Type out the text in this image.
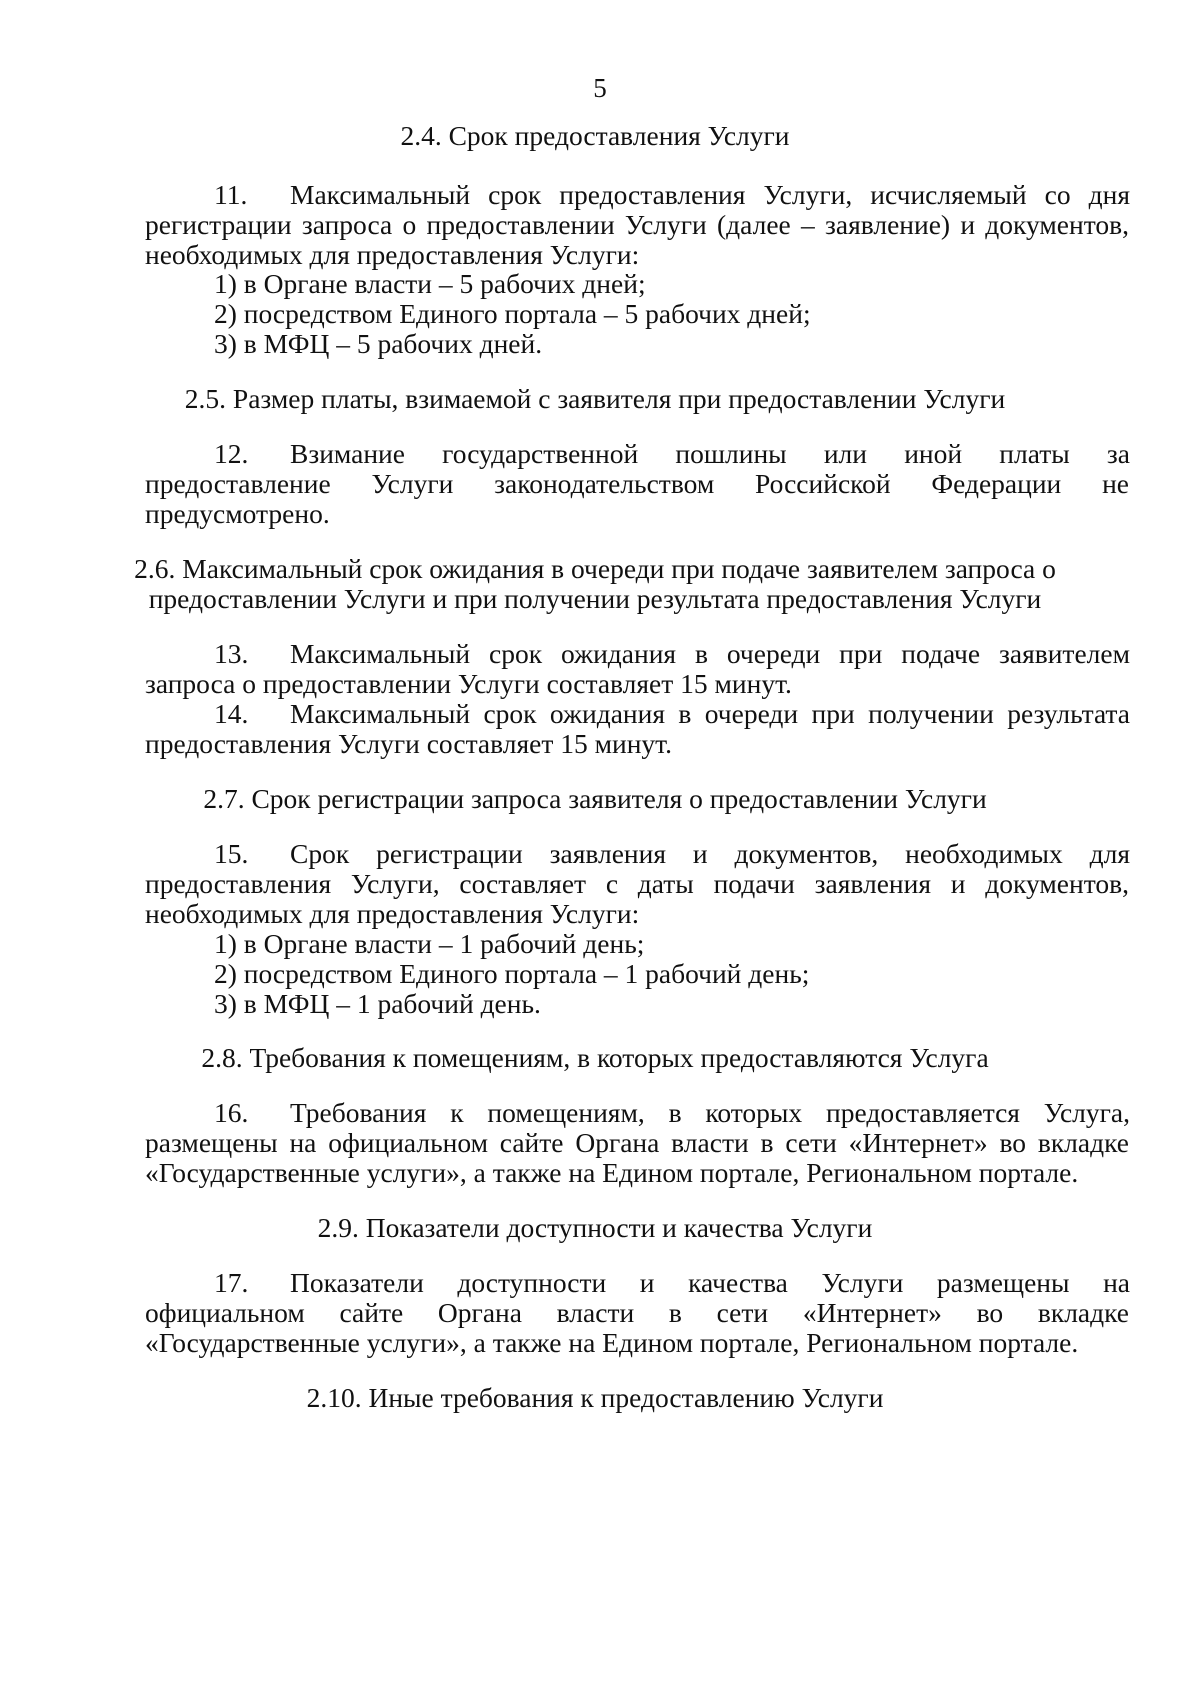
5
2.4. Срок предоставления Услуги
11. Максимальный срок предоставления Услуги, исчисляемый со дня
регистрации запроса о предоставлении Услуги (далее – заявление) и документов,
необходимых для предоставления Услуги:
1) в Органе власти – 5 рабочих дней;
2) посредством Единого портала – 5 рабочих дней;
3) в МФЦ – 5 рабочих дней.
2.5. Размер платы, взимаемой с заявителя при предоставлении Услуги
12. Взимание государственной пошлины или иной платы за
предоставление Услуги законодательством Российской Федерации не
предусмотрено.
2.6. Максимальный срок ожидания в очереди при подаче заявителем запроса о
предоставлении Услуги и при получении результата предоставления Услуги
13. Максимальный срок ожидания в очереди при подаче заявителем
запроса о предоставлении Услуги составляет 15 минут.
14. Максимальный срок ожидания в очереди при получении результата
предоставления Услуги составляет 15 минут.
2.7. Срок регистрации запроса заявителя о предоставлении Услуги
15. Срок регистрации заявления и документов, необходимых для
предоставления Услуги, составляет с даты подачи заявления и документов,
необходимых для предоставления Услуги:
1) в Органе власти – 1 рабочий день;
2) посредством Единого портала – 1 рабочий день;
3) в МФЦ – 1 рабочий день.
2.8. Требования к помещениям, в которых предоставляются Услуга
16. Требования к помещениям, в которых предоставляется Услуга,
размещены на официальном сайте Органа власти в сети «Интернет» во вкладке
«Государственные услуги», а также на Едином портале, Региональном портале.
2.9. Показатели доступности и качества Услуги
17. Показатели доступности и качества Услуги размещены на
официальном сайте Органа власти в сети «Интернет» во вкладке
«Государственные услуги», а также на Едином портале, Региональном портале.
2.10. Иные требования к предоставлению Услуги
